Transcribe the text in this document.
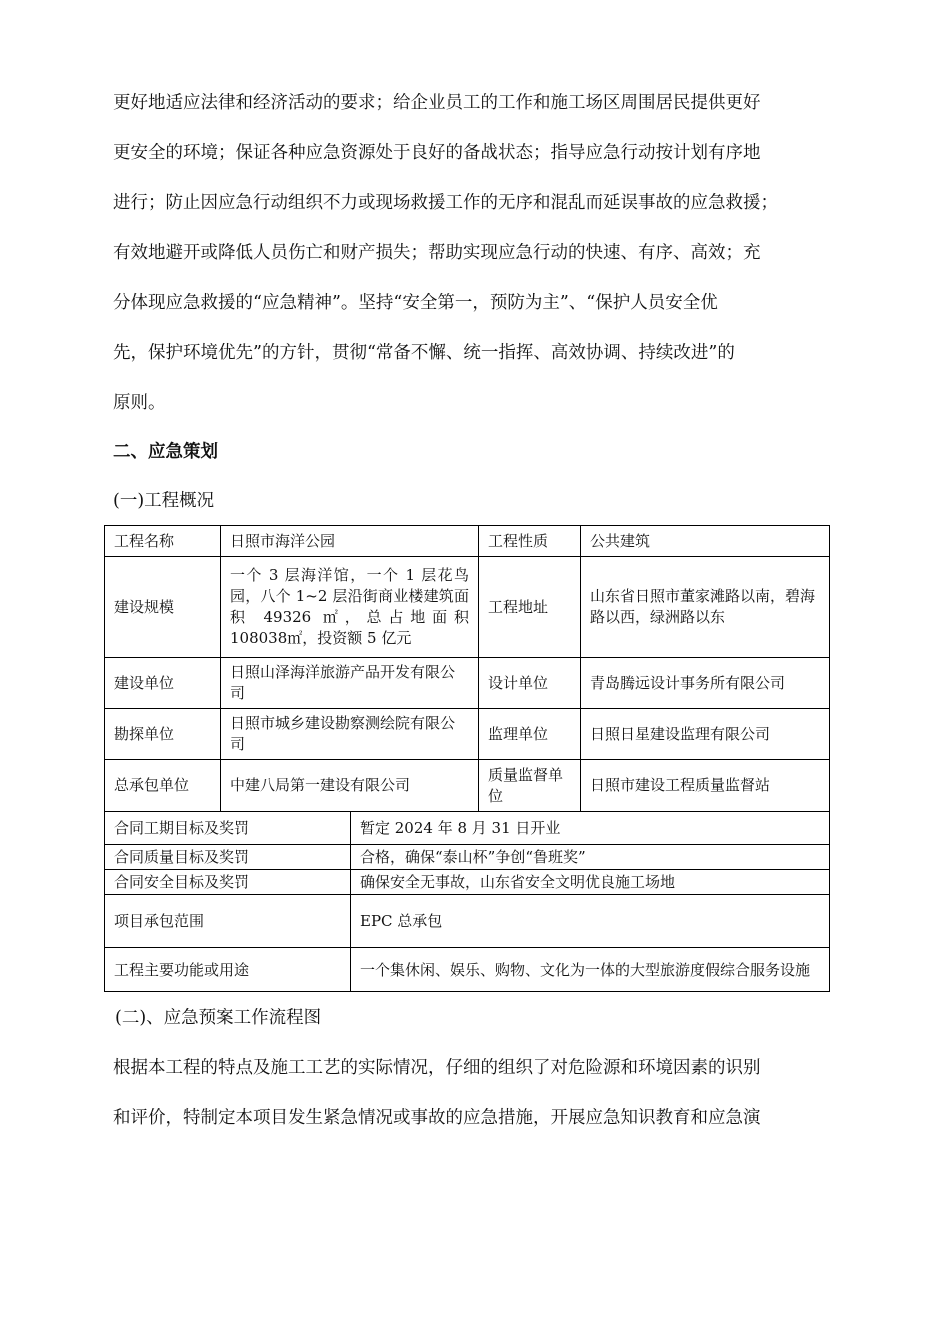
更好地适应法律和经济活动的要求；给企业员工的工作和施工场区周围居民提供更好
更安全的环境；保证各种应急资源处于良好的备战状态；指导应急行动按计划有序地
进行；防止因应急行动组织不力或现场救援工作的无序和混乱而延误事故的应急救援；
有效地避开或降低人员伤亡和财产损失；帮助实现应急行动的快速、有序、高效；充
分体现应急救援的“应急精神”。坚持“安全第一，预防为主”、“保护人员安全优
先，保护环境优先”的方针，贯彻“常备不懈、统一指挥、高效协调、持续改进”的
原则。
二、应急策划
(一)工程概况
工程名称	日照市海洋公园	工程性质	公共建筑
建设规模	一个 3 层海洋馆，一个 1 层花鸟园，八个 1~2 层沿街商业楼建筑面积 49326 ㎡，总占地面积 108038㎡，投资额 5 亿元	工程地址	山东省日照市董家滩路以南，碧海路以西，绿洲路以东
建设单位	日照山泽海洋旅游产品开发有限公司	设计单位	青岛腾远设计事务所有限公司
勘探单位	日照市城乡建设勘察测绘院有限公司	监理单位	日照日星建设监理有限公司
总承包单位	中建八局第一建设有限公司	质量监督单位	日照市建设工程质量监督站
合同工期目标及奖罚	暂定 2024 年 8 月 31 日开业
合同质量目标及奖罚	合格，确保“泰山杯”争创“鲁班奖”
合同安全目标及奖罚	确保安全无事故，山东省安全文明优良施工场地
项目承包范围	EPC 总承包
工程主要功能或用途	一个集休闲、娱乐、购物、文化为一体的大型旅游度假综合服务设施
(二)、应急预案工作流程图
根据本工程的特点及施工工艺的实际情况，仔细的组织了对危险源和环境因素的识别
和评价，特制定本项目发生紧急情况或事故的应急措施，开展应急知识教育和应急演
